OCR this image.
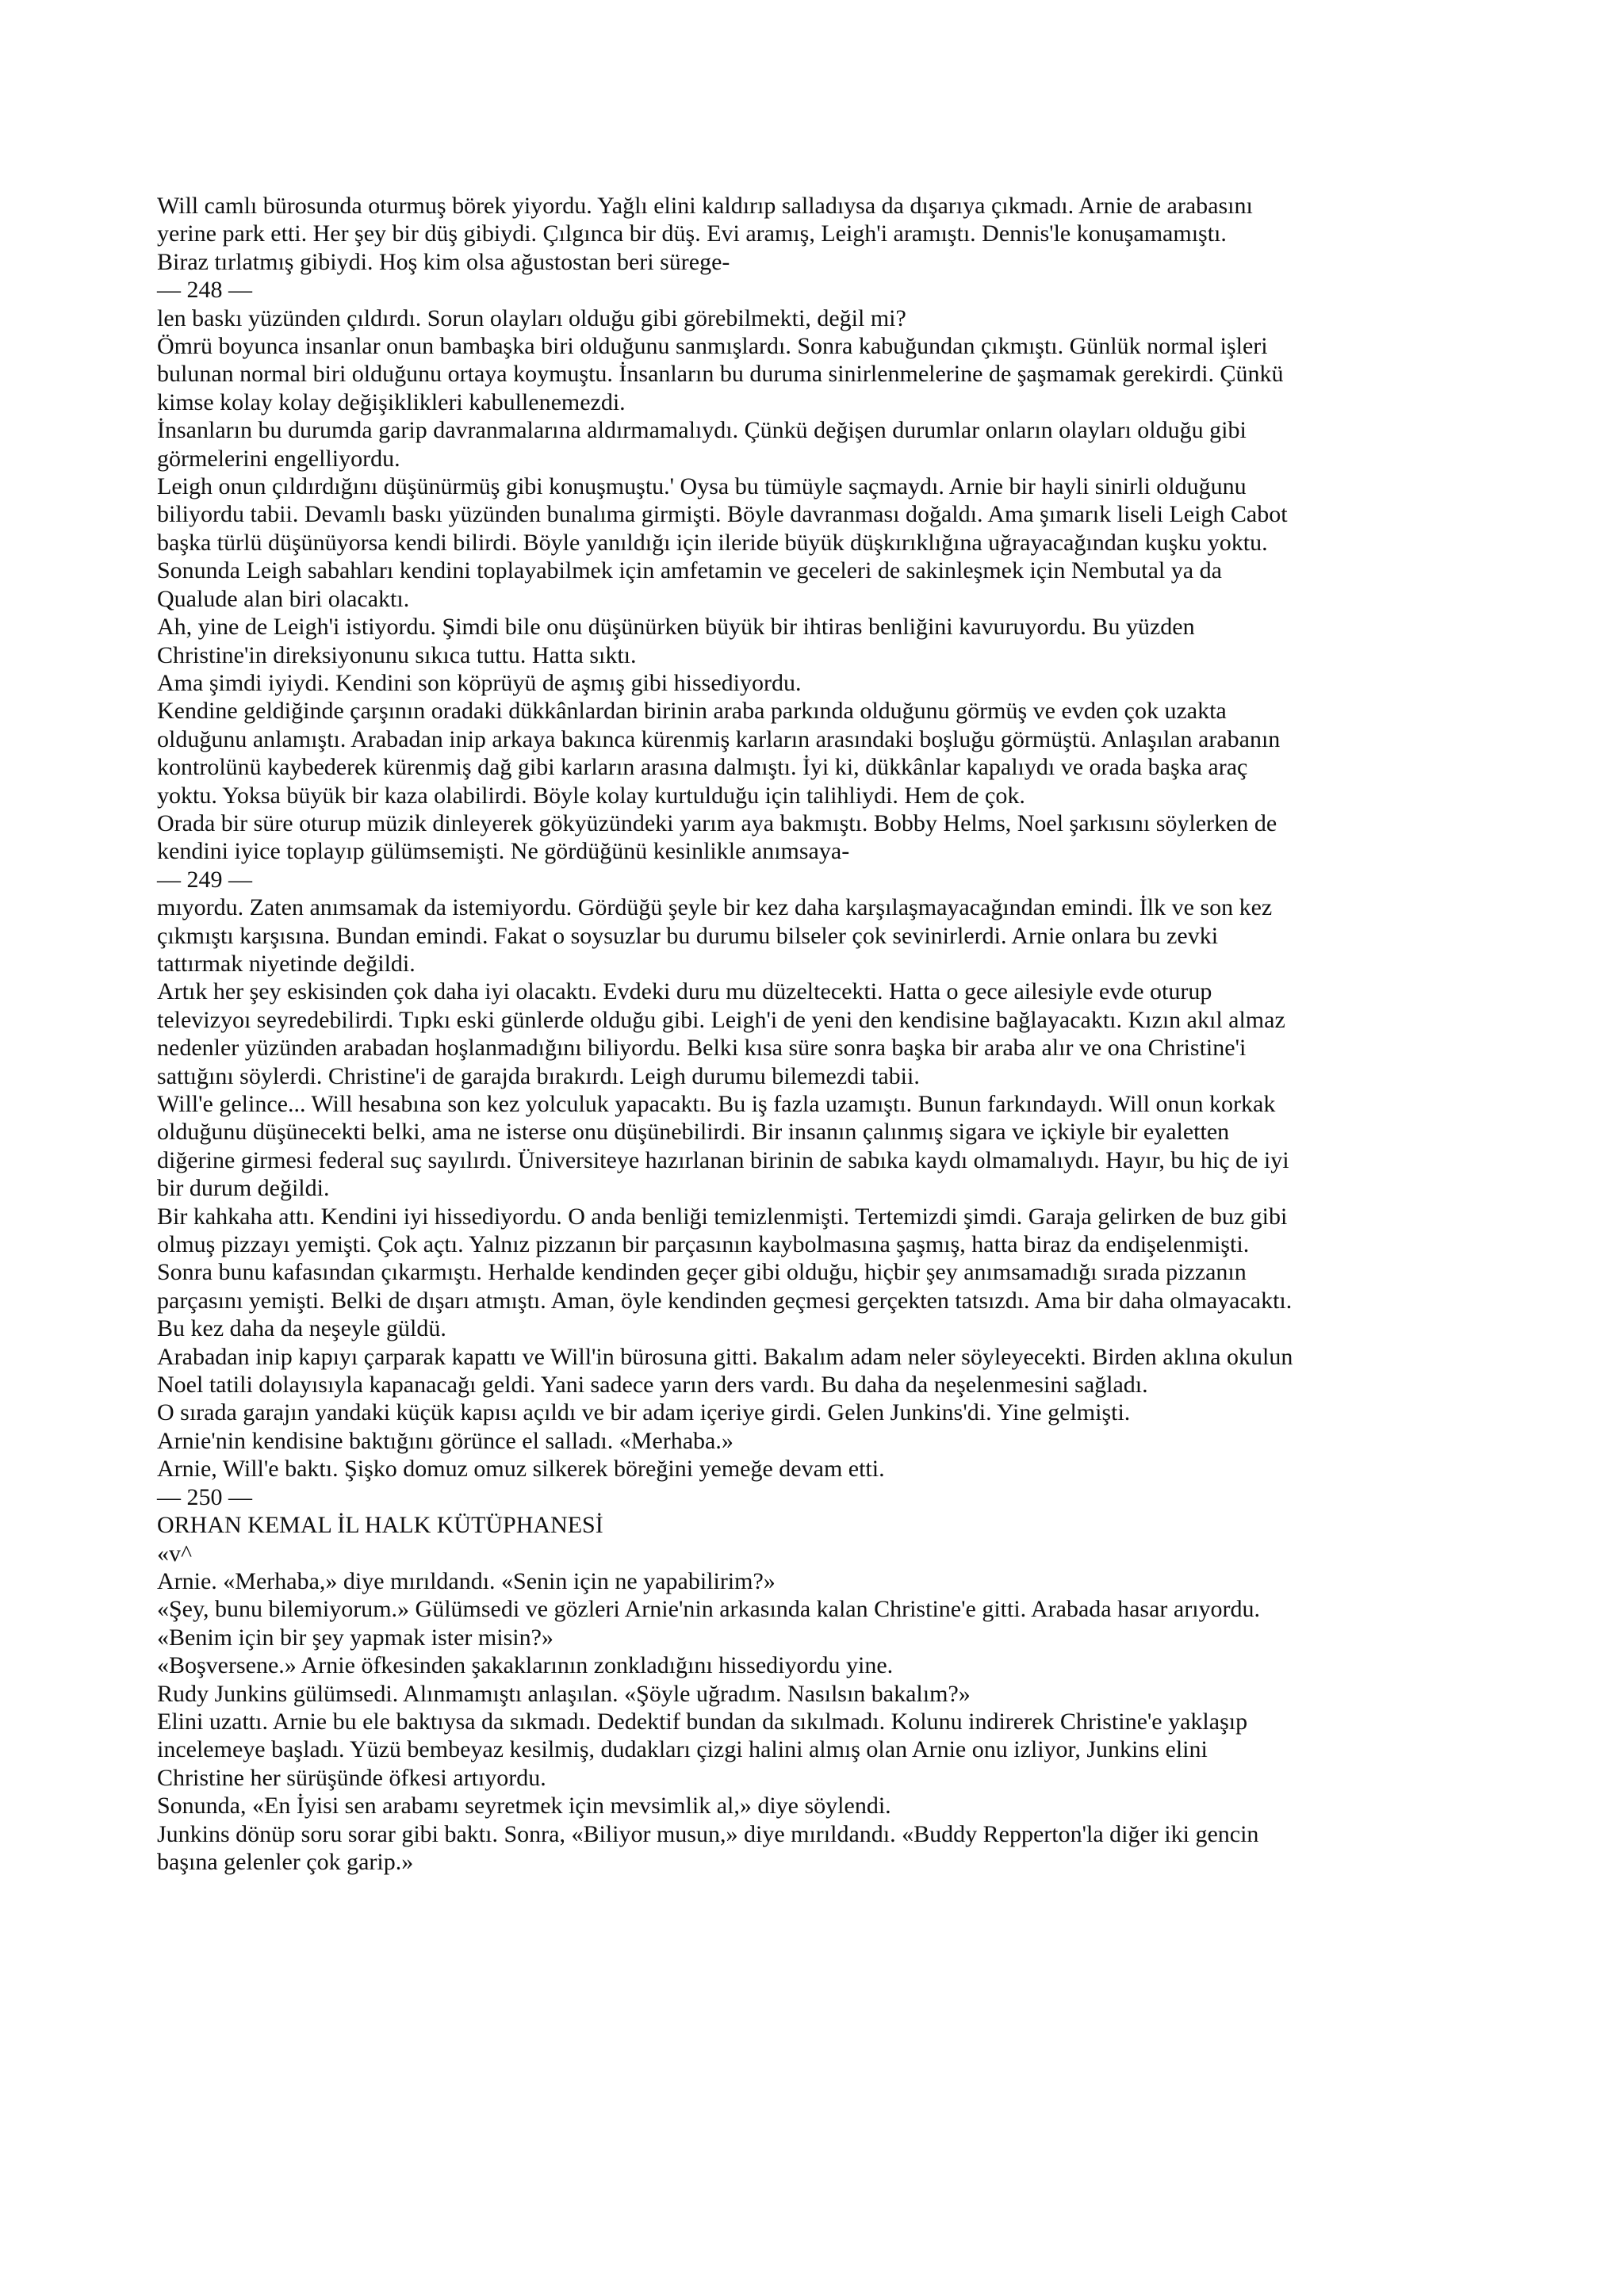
Will camlı bürosunda oturmuş börek yiyordu. Yağlı elini kaldırıp salladıysa da dışarıya çıkmadı. Arnie de arabasını

yerine park etti. Her şey bir düş gibiydi. Çılgınca bir düş. Evi aramış, Leigh'i aramıştı. Dennis'le konuşamamıştı.

Biraz tırlatmış gibiydi. Hoş kim olsa ağustostan beri sürege-

— 248 —

len baskı yüzünden çıldırdı. Sorun olayları olduğu gibi görebilmekti, değil mi?

Ömrü boyunca insanlar onun bambaşka biri olduğunu sanmışlardı. Sonra kabuğundan çıkmıştı. Günlük normal işleri

bulunan normal biri olduğunu ortaya koymuştu. İnsanların bu duruma sinirlenmelerine de şaşmamak gerekirdi. Çünkü

kimse kolay kolay değişiklikleri kabullenemezdi.

İnsanların bu durumda garip davranmalarına aldırmamalıydı. Çünkü değişen durumlar onların olayları olduğu gibi

görmelerini engelliyordu.

Leigh onun çıldırdığını düşünürmüş gibi konuşmuştu.' Oysa bu tümüyle saçmaydı. Arnie bir hayli sinirli olduğunu

biliyordu tabii. Devamlı baskı yüzünden bunalıma girmişti. Böyle davranması doğaldı. Ama şımarık liseli Leigh Cabot

başka türlü düşünüyorsa kendi bilirdi. Böyle yanıldığı için ileride büyük düşkırıklığına uğrayacağından kuşku yoktu.

Sonunda Leigh sabahları kendini toplayabilmek için amfetamin ve geceleri de sakinleşmek için Nembutal ya da

Qualude alan biri olacaktı.

Ah, yine de Leigh'i istiyordu. Şimdi bile onu düşünürken büyük bir ihtiras benliğini kavuruyordu. Bu yüzden

Christine'in direksiyonunu sıkıca tuttu. Hatta sıktı.

Ama şimdi iyiydi. Kendini son köprüyü de aşmış gibi hissediyordu.

Kendine geldiğinde çarşının oradaki dükkânlardan birinin araba parkında olduğunu görmüş ve evden çok uzakta

olduğunu anlamıştı. Arabadan inip arkaya bakınca kürenmiş karların arasındaki boşluğu görmüştü. Anlaşılan arabanın

kontrolünü kaybederek kürenmiş dağ gibi karların arasına dalmıştı. İyi ki, dükkânlar kapalıydı ve orada başka araç

yoktu. Yoksa büyük bir kaza olabilirdi. Böyle kolay kurtulduğu için talihliydi. Hem de çok.

Orada bir süre oturup müzik dinleyerek gökyüzündeki yarım aya bakmıştı. Bobby Helms, Noel şarkısını söylerken de

kendini iyice toplayıp gülümsemişti. Ne gördüğünü kesinlikle anımsaya-

— 249 —

mıyordu. Zaten anımsamak da istemiyordu. Gördüğü şeyle bir kez daha karşılaşmayacağından emindi. İlk ve son kez

çıkmıştı karşısına. Bundan emindi. Fakat o soysuzlar bu durumu bilseler çok sevinirlerdi. Arnie onlara bu zevki

tattırmak niyetinde değildi.

Artık her şey eskisinden çok daha iyi olacaktı. Evdeki duru mu düzeltecekti. Hatta o gece ailesiyle evde oturup

televizyoı seyredebilirdi. Tıpkı eski günlerde olduğu gibi. Leigh'i de yeni den kendisine bağlayacaktı. Kızın akıl almaz

nedenler yüzünden arabadan hoşlanmadığını biliyordu. Belki kısa süre sonra başka bir araba alır ve ona Christine'i

sattığını söylerdi. Christine'i de garajda bırakırdı. Leigh durumu bilemezdi tabii.

Will'e gelince... Will hesabına son kez yolculuk yapacaktı. Bu iş fazla uzamıştı. Bunun farkındaydı. Will onun korkak

olduğunu düşünecekti belki, ama ne isterse onu düşünebilirdi. Bir insanın çalınmış sigara ve içkiyle bir eyaletten

diğerine girmesi federal suç sayılırdı. Üniversiteye hazırlanan birinin de sabıka kaydı olmamalıydı. Hayır, bu hiç de iyi

bir durum değildi.

Bir kahkaha attı. Kendini iyi hissediyordu. O anda benliği temizlenmişti. Tertemizdi şimdi. Garaja gelirken de buz gibi

olmuş pizzayı yemişti. Çok açtı. Yalnız pizzanın bir parçasının kaybolmasına şaşmış, hatta biraz da endişelenmişti.

Sonra bunu kafasından çıkarmıştı. Herhalde kendinden geçer gibi olduğu, hiçbir şey anımsamadığı sırada pizzanın

parçasını yemişti. Belki de dışarı atmıştı. Aman, öyle kendinden geçmesi gerçekten tatsızdı. Ama bir daha olmayacaktı.

Bu kez daha da neşeyle güldü.

Arabadan inip kapıyı çarparak kapattı ve Will'in bürosuna gitti. Bakalım adam neler söyleyecekti. Birden aklına okulun

Noel tatili dolayısıyla kapanacağı geldi. Yani sadece yarın ders vardı. Bu daha da neşelenmesini sağladı.

O sırada garajın yandaki küçük kapısı açıldı ve bir adam içeriye girdi. Gelen Junkins'di. Yine gelmişti.

Arnie'nin kendisine baktığını görünce el salladı. «Merhaba.»

Arnie, Will'e baktı. Şişko domuz omuz silkerek böreğini yemeğe devam etti.

— 250 —

ORHAN KEMAL İL HALK KÜTÜPHANESİ

«v^

Arnie. «Merhaba,» diye mırıldandı. «Senin için ne yapabilirim?»

«Şey, bunu bilemiyorum.» Gülümsedi ve gözleri Arnie'nin arkasında kalan Christine'e gitti. Arabada hasar arıyordu.

«Benim için bir şey yapmak ister misin?»

«Boşversene.» Arnie öfkesinden şakaklarının zonkladığını hissediyordu yine.

Rudy Junkins gülümsedi. Alınmamıştı anlaşılan. «Şöyle uğradım. Nasılsın bakalım?»

Elini uzattı. Arnie bu ele baktıysa da sıkmadı. Dedektif bundan da sıkılmadı. Kolunu indirerek Christine'e yaklaşıp

incelemeye başladı. Yüzü bembeyaz kesilmiş, dudakları çizgi halini almış olan Arnie onu izliyor, Junkins elini

Christine her sürüşünde öfkesi artıyordu.

Sonunda, «En İyisi sen arabamı seyretmek için mevsimlik al,» diye söylendi.

Junkins dönüp soru sorar gibi baktı. Sonra, «Biliyor musun,» diye mırıldandı. «Buddy Repperton'la diğer iki gencin

başına gelenler çok garip.»
